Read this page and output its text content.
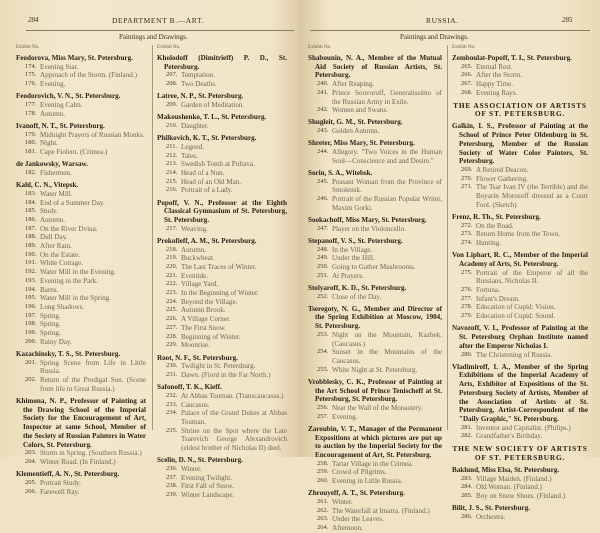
284	DEPARTMENT B.—ART.
Paintings and Drawings.
Exhibit No.
Feodorova, Miss Mary, St. Petersburg.
174. Evening Star.
175. Approach of the Storm. (Finland.)
176. Evening.
Feodorovich, V. N., St. Petersburg.
177. Evening Calm.
178. Autumn.
Ivanoff, N. T., St. Petersburg.
179. Midnight Prayers of Russian Monks.
180. Night.
181. Cape Fiolent. (Crimea.)
de Jankowsky, Warsaw.
182. Fishermen.
Kahl, C. N., Vitepsk.
183. Water Mill.
184. End of a Summer Day.
185. Study.
186. Autumn.
187. On the River Dvina.
188. Dull Day.
189. After Rain.
190. On the Estate.
191. White Cottage.
192. Water Mill in the Evening.
193. Evening in the Park.
194. Barns.
195. Water Mill in the Spring.
196. Long Shadows.
197. Spring.
198. Spring.
199. Spring.
200. Rainy Day.
Kazachinsky, T. S., St. Petersburg.
201. Spring Scene from Life in Little Russia.
202. Return of the Prodigal Son. (Scene from life in Great Russia.)
Khimona, N. P., Professor of Painting at the Drawing School of the Imperial Society for the Encouragement of Art, Inspector at same School, Member of the Society of Russian Painters in Water Colors, St. Petersburg.
203. Storm in Spring. (Southern Russia.)
204. Winter Road. (In Finland.)
Klementieff, A. N., St. Petersburg.
205. Portrait Study.
206. Farewell Ray.
Exhibit No.
Kholodoff (Dimitrieff) P. D., St. Petersburg.
207. Temptation.
208. Two Deaths.
Latree, N. P., St. Petersburg.
209. Garden of Meditation.
Makoushenko, T. L., St. Petersburg.
210. Daughter.
Philkovich, K. T., St. Petersburg.
211. Legend.
212. Tales.
213. Swedish Tomb at Poltava.
214. Head of a Nun.
215. Head of an Old Man.
216. Portrait of a Lady.
Popoff, V. N., Professor at the Eighth Classical Gymnasium of St. Petersburg, St. Petersburg.
217. Weaving.
Prokofieff, A. M., St. Petersburg.
218. Autumn.
219. Buckwheat.
220. The Last Traces of Winter.
221. Eventide.
222. Village Yard.
223. In the Beginning of Winter.
224. Beyond the Village.
225. Autumn Brook.
226. A Village Corner.
227. The First Snow.
228. Beginning of Winter.
229. Moonrise.
Root, N. F., St. Petersburg.
230. Twilight in St. Petersburg.
231. Dawn. (Fiord in the Far North.)
Safonoff, T. K., Kieff.
232. At Abbas Touman. (Transcaucasus.)
233. Caucasus.
234. Palace of the Grand Dukes at Abbas Touman.
235. Shrine on the Spot where the Late Tsarevich George Alexandrovich (eldest brother of Nicholas II) died.
Scelin, D. N., St. Petersburg.
236. Winter.
237. Evening Twilight.
238. First Fall of Snow.
239. Winter Landscape.
RUSSIA.	285
Paintings and Drawings.
Exhibit No.
Shabounin, N. A., Member of the Mutual Aid Society of Russian Artists, St. Petersburg.
240. After Reaping.
241. Prince Souvoroff, Generalissimo of the Russian Army in Exile.
242. Women and Swans.
Shugleit, G. M., St. Petersburg.
243. Golden Autumn.
Shreter, Miss Mary, St. Petersburg.
244. Allegory. "Two Voices in the Human Soul—Conscience and and Desire."
Sorin, S. A., Witebsk.
245. Peasant Woman from the Province of Smolensk.
246. Portrait of the Russian Popular Writer, Maxim Gorki.
Sookachoff, Miss Mary, St. Petersburg.
247. Player on the Violoncello.
Stepanoff, V. S., St. Petersburg.
248. In the Village.
249. Under the Hill.
250. Going to Gather Mushrooms.
251. At Prayers.
Stolyaroff, K. D., St. Petersburg.
252. Close of the Day.
Tseregoty, N. G., Member and Director of the Spring Exhibition at Moscow, 1904, St. Petersburg.
253. Night on the Mountain, Kazbek. (Caucasus.)
254. Sunset in the Mountains of the Caucasus.
255. White Night at St. Petersburg.
Vrobblesky, C. K., Professor of Painting at the Art School of Prince Tenischeff at St. Petersburg, St. Petersburg.
256. Near the Wall of the Monastery.
257. Evening.
Zaroubin, V. T., Manager of the Permanent Expositions at which pictures are put up to auction by the Imperial Society for the Encouragement of Art, St. Petersburg.
258. Tartar Village in the Crimea.
259. Crowd of Pilgrims.
260. Evening in Little Russia.
Zhrouyeff, A. T., St. Petersburg.
261. Winter.
262. The Waterfall at Imatra. (Finland.)
263. Under the Leaves.
264. Afternoon.
Exhibit No.
Zemboulat-Popoff, T. I., St. Petersburg.
265. Eternal Rest.
266. After the Storm.
267. Happy Time.
268. Evening Rays.
THE ASSOCIATION OF ARTISTS OF ST. PETERSBURG.
Galkin, I. S., Professor of Painting at the School of Prince Peter Oldenburg in St. Petersburg, Member of the Russian Society of Water Color Painters, St. Petersburg.
269. A Retired Deacon.
270. Flower Gathering.
271. The Tsar Ivan IV (the Terrible) and the Boyarin Morosoff dressed as a Court Fool. (Sketch)
Frenz, R. Th., St. Petersburg.
272. On the Road.
273. Return Home from the Town.
274. Hunting.
Von Liphart, R. C., Member of the Imperial Academy of Arts, St. Petersburg.
275. Portrait of the Emperor of all the Russians, Nicholas II.
276. Fortuna.
277. Infant's Dream.
278. Education of Cupid: Vision.
279. Education of Cupid: Sound.
Navozoff, V. I., Professor of Painting at the St. Petersburg Orphan Institute named after the Emperor Nicholas I.
280. The Christening of Russia.
Vladimiroff, I. A., Member of the Spring Exhibitions of the Imperial Academy of Arts, Exhibitor of Expositions of the St. Petersburg Society of Artists, Member of the Association of Artists of St. Petersburg, Artist-Correspondent of the "Daily Graphic," St. Petersburg.
281. Inventor and Capitalist. (Philips.)
282. Grandfather's Birthday.
THE NEW SOCIETY OF ARTISTS OF ST. PETERSBURG.
Baklund, Miss Elsa, St. Petersburg.
283. Village Maiden. (Finland.)
284. Old Woman. (Finland.)
285. Boy on Snow Shoes. (Finland.)
Bilit, J. S., St. Petersburg.
286. Orchestra.
